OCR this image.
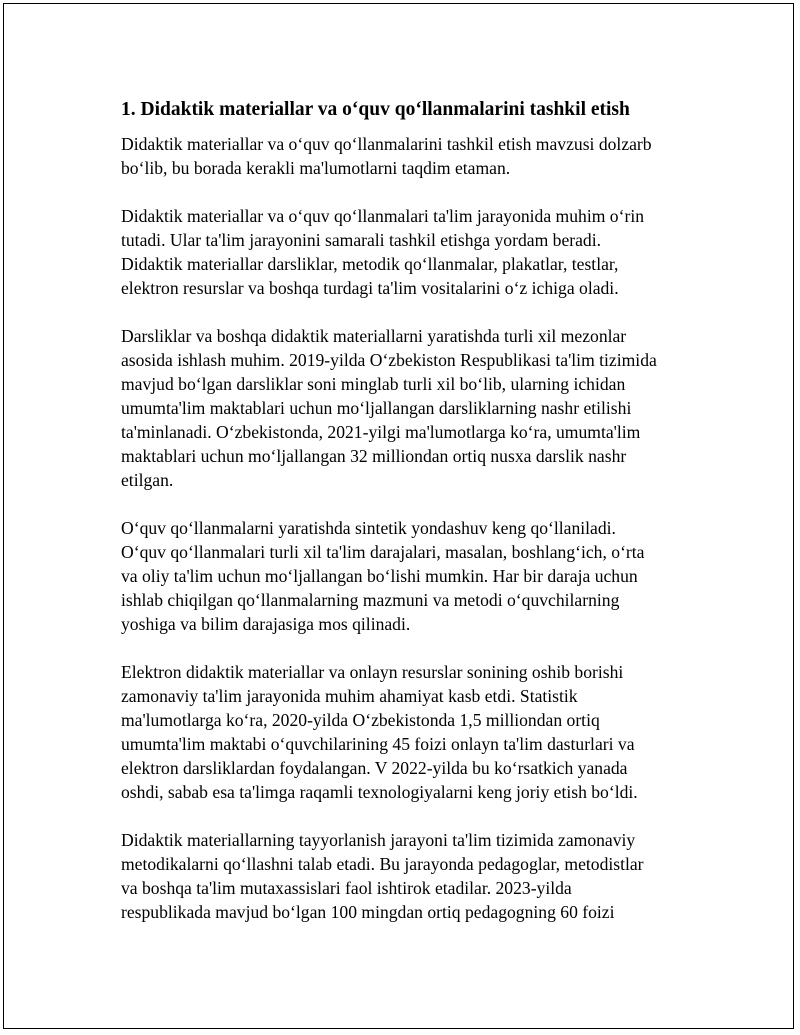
1. Didaktik materiallar va o‘quv qo‘llanmalarini tashkil etish

Didaktik materiallar va o‘quv qo‘llanmalarini tashkil etish mavzusi dolzarb
bo‘lib, bu borada kerakli ma'lumotlarni taqdim etaman.

Didaktik materiallar va o‘quv qo‘llanmalari ta'lim jarayonida muhim o‘rin
tutadi. Ular ta'lim jarayonini samarali tashkil etishga yordam beradi.
Didaktik materiallar darsliklar, metodik qo‘llanmalar, plakatlar, testlar,
elektron resurslar va boshqa turdagi ta'lim vositalarini o‘z ichiga oladi.

Darsliklar va boshqa didaktik materiallarni yaratishda turli xil mezonlar
asosida ishlash muhim. 2019-yilda O‘zbekiston Respublikasi ta'lim tizimida
mavjud bo‘lgan darsliklar soni minglab turli xil bo‘lib, ularning ichidan
umumta'lim maktablari uchun mo‘ljallangan darsliklarning nashr etilishi
ta'minlanadi. O‘zbekistonda, 2021-yilgi ma'lumotlarga ko‘ra, umumta'lim
maktablari uchun mo‘ljallangan 32 milliondan ortiq nusxa darslik nashr
etilgan.

O‘quv qo‘llanmalarni yaratishda sintetik yondashuv keng qo‘llaniladi.
O‘quv qo‘llanmalari turli xil ta'lim darajalari, masalan, boshlang‘ich, o‘rta
va oliy ta'lim uchun mo‘ljallangan bo‘lishi mumkin. Har bir daraja uchun
ishlab chiqilgan qo‘llanmalarning mazmuni va metodi o‘quvchilarning
yoshiga va bilim darajasiga mos qilinadi.

Elektron didaktik materiallar va onlayn resurslar sonining oshib borishi
zamonaviy ta'lim jarayonida muhim ahamiyat kasb etdi. Statistik
ma'lumotlarga ko‘ra, 2020-yilda O‘zbekistonda 1,5 milliondan ortiq
umumta'lim maktabi o‘quvchilarining 45 foizi onlayn ta'lim dasturlari va
elektron darsliklardan foydalangan. V 2022-yilda bu ko‘rsatkich yanada
oshdi, sabab esa ta'limga raqamli texnologiyalarni keng joriy etish bo‘ldi.

Didaktik materiallarning tayyorlanish jarayoni ta'lim tizimida zamonaviy
metodikalarni qo‘llashni talab etadi. Bu jarayonda pedagoglar, metodistlar
va boshqa ta'lim mutaxassislari faol ishtirok etadilar. 2023-yilda
respublikada mavjud bo‘lgan 100 mingdan ortiq pedagogning 60 foizi
